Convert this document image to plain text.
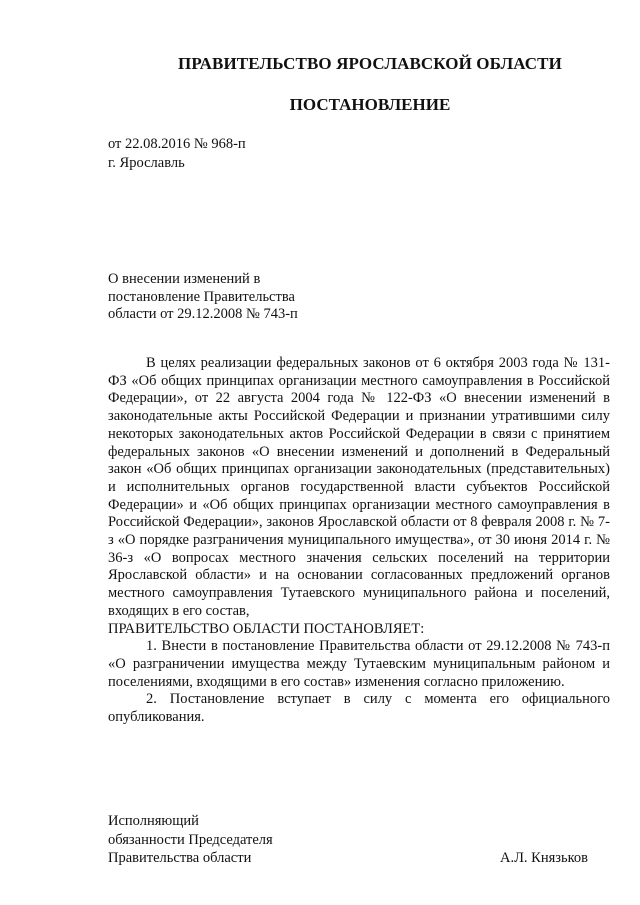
ПРАВИТЕЛЬСТВО ЯРОСЛАВСКОЙ ОБЛАСТИ
ПОСТАНОВЛЕНИЕ
от 22.08.2016 № 968-п
г. Ярославль
О внесении изменений в
постановление Правительства
области от 29.12.2008 № 743-п

В целях реализации федеральных законов от 6 октября 2003 года № 131-ФЗ «Об общих принципах организации местного самоуправления в Российской Федерации», от 22 августа 2004 года № 122-ФЗ «О внесении изменений в законодательные акты Российской Федерации и признании утратившими силу некоторых законодательных актов Российской Федерации в связи с принятием федеральных законов «О внесении изменений и дополнений в Федеральный закон «Об общих принципах организации законодательных (представительных) и исполнительных органов государственной власти субъектов Российской Федерации» и «Об общих принципах организации местного самоуправления в Российской Федерации», законов Ярославской области от 8 февраля 2008 г. № 7-з «О порядке разграничения муниципального имущества», от 30 июня 2014 г. № 36-з «О вопросах местного значения сельских поселений на территории Ярославской области» и на основании согласованных предложений органов местного самоуправления Тутаевского муниципального района и поселений, входящих в его состав,

ПРАВИТЕЛЬСТВО ОБЛАСТИ ПОСТАНОВЛЯЕТ:

1. Внести в постановление Правительства области от 29.12.2008 № 743-п «О разграничении имущества между Тутаевским муниципальным районом и поселениями, входящими в его состав» изменения согласно приложению.

2. Постановление вступает в силу с момента его официального опубликования.

Исполняющий
обязанности Председателя
Правительства области	А.Л. Князьков
